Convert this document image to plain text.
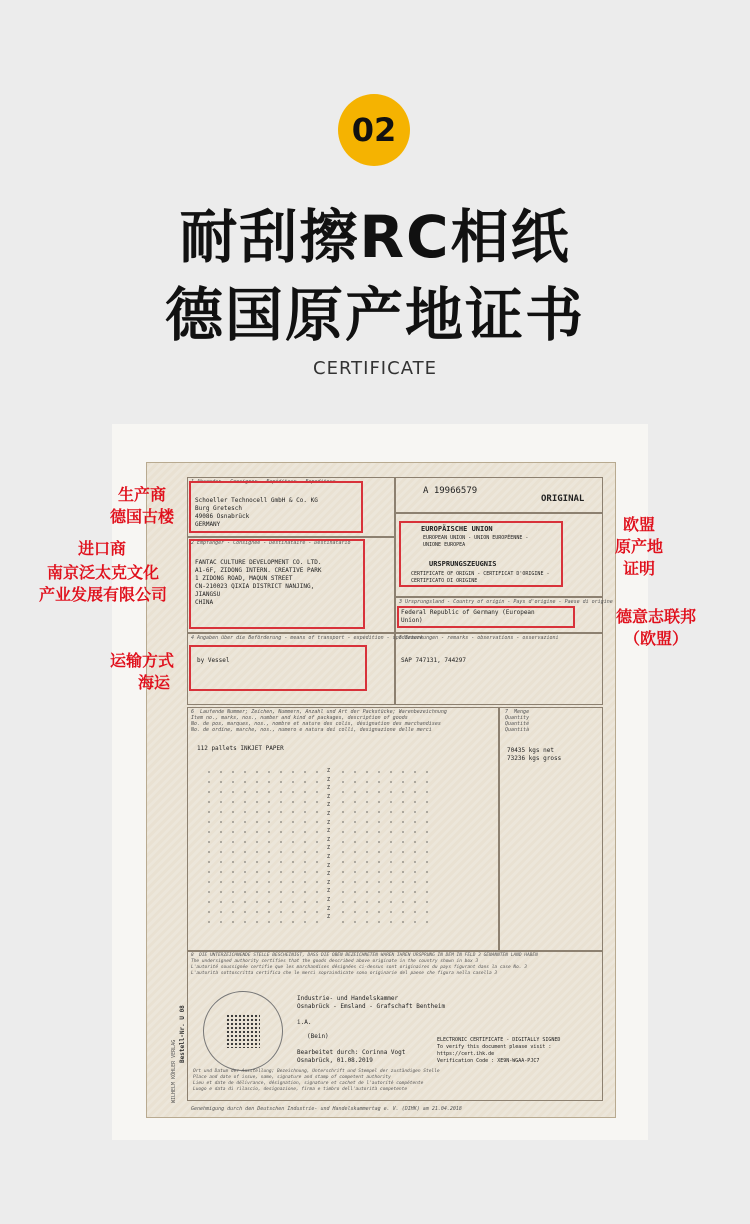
02
耐刮擦RC相纸
德国原产地证书
CERTIFICATE
1 Absender - Consignor - Expéditeur - Expeditore
Schoeller Technocell GmbH & Co. KG
Burg Gretesch
49086 Osnabrück
GERMANY
2 Empfänger - Consignee - Destinataire - Destinatario
FANTAC CULTURE DEVELOPMENT CO. LTD.
A1-6F, ZIDONG INTERN. CREATIVE PARK
1 ZIDONG ROAD, MAQUN STREET
CN-210023 QIXIA DISTRICT NANJING,
JIANGSU
CHINA
A 19966579
ORIGINAL
EUROPÄISCHE UNION
EUROPEAN UNION - UNION EUROPÉENNE -
UNIONE EUROPEA
URSPRUNGSZEUGNIS
CERTIFICATE OF ORIGIN - CERTIFICAT D'ORIGINE -
CERTIFICATO DI ORIGINE
3 Ursprungsland - Country of origin - Pays d'origine - Paese di origine
Federal Republic of Germany (European
Union)
4 Angaben über die Beförderung - means of transport - expédition - spedizione
by Vessel
5 Bemerkungen - remarks - observations - osservazioni
SAP 747131, 744297
6  Laufende Nummer; Zeichen, Nummern, Anzahl und Art der Packstücke; Warenbezeichnung
Item no., marks, nos., number and kind of packages, description of goods
No. de pos, marques, nos., nombre et nature des colis, désignation des marchandises
No. de ordine, marche, nos., numero e natura dei colli, designazione delle merci
112 pallets INKJET PAPER
Z Z Z Z Z Z Z Z Z Z Z Z Z Z Z Z Z Z
7  Menge
Quantity
Quantité
Quantità
70435 kgs net
73236 kgs gross
8  DIE UNTERZEICHNENDE STELLE BESCHEINIGT, DASS DIE OBEN BEZEICHNETEN WAREN IHREN URSPRUNG IN DEM IN FELD 3 GENANNTEN LAND HABEN
The undersigned authority certifies that the goods described above originate in the country shown in box 3
L'autorité soussignée certifie que les marchandises désignées ci-dessus sont originaires du pays figurant dans la case No. 3
L'autorità sottoscritta certifica che le merci sopraindicate sono originarie del paese che figura nella casella 3
Industrie- und Handelskammer
Osnabrück - Emsland - Grafschaft Bentheim
i.A.
(Bein)
Bearbeitet durch: Corinna Vogt
Osnabrück, 01.08.2019
ELECTRONIC CERTIFICATE - DIGITALLY SIGNED
To verify this document please visit :
https://cert.ihk.de
Verification Code : XE9N-WGAA-PJC7
Ort und Datum der Ausstellung; Bezeichnung, Unterschrift und Stempel der zuständigen Stelle
Place and date of issue, name, signature and stamp of competent authority
Lieu et date de délivrance, désignation, signature et cachet de l'autorité compétente
Luogo e data di rilascio, designazione, firma e timbro dell'autorità competente
Genehmigung durch den Deutschen Industrie- und Handelskammertag e. V. (DIHK) am 21.04.2018
WILHELM KÖHLER VERLAG
Bestell-Nr. U 08
生产商
德国古楼
进口商
南京泛太克文化
产业发展有限公司
运输方式
海运
欧盟
原产地
证明
德意志联邦
（欧盟）
